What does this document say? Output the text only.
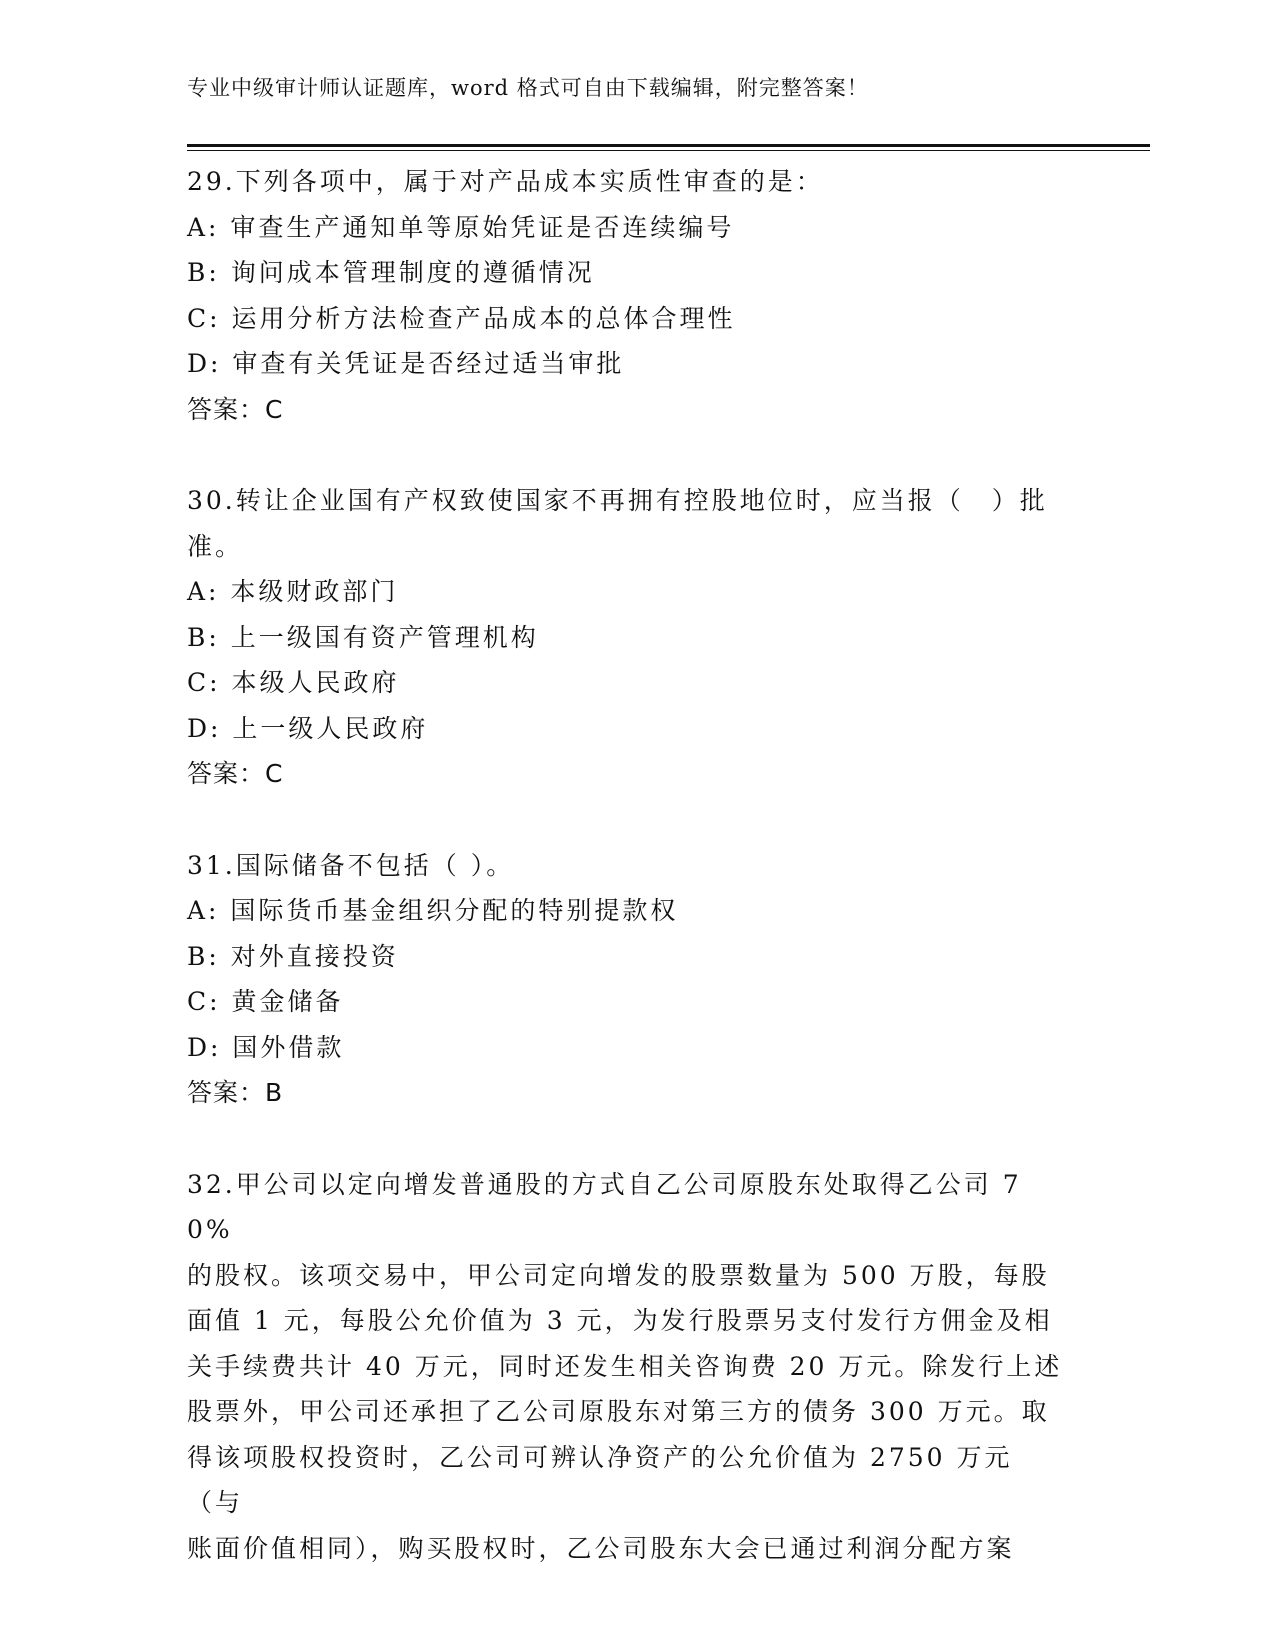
专业中级审计师认证题库，word 格式可自由下载编辑，附完整答案！
29.下列各项中，属于对产品成本实质性审查的是：
A: 审查生产通知单等原始凭证是否连续编号
B: 询问成本管理制度的遵循情况
C: 运用分析方法检查产品成本的总体合理性
D: 审查有关凭证是否经过适当审批
答案：C
30.转让企业国有产权致使国家不再拥有控股地位时，应当报（　）批准。
A: 本级财政部门
B: 上一级国有资产管理机构
C: 本级人民政府
D: 上一级人民政府
答案：C
31.国际储备不包括（ ）。
A: 国际货币基金组织分配的特别提款权
B: 对外直接投资
C: 黄金储备
D: 国外借款
答案：B
32.甲公司以定向增发普通股的方式自乙公司原股东处取得乙公司 70%
的股权。该项交易中，甲公司定向增发的股票数量为 500 万股，每股
面值 1 元，每股公允价值为 3 元，为发行股票另支付发行方佣金及相
关手续费共计 40 万元，同时还发生相关咨询费 20 万元。除发行上述
股票外，甲公司还承担了乙公司原股东对第三方的债务 300 万元。取
得该项股权投资时，乙公司可辨认净资产的公允价值为 2750 万元（与
账面价值相同），购买股权时，乙公司股东大会已通过利润分配方案
